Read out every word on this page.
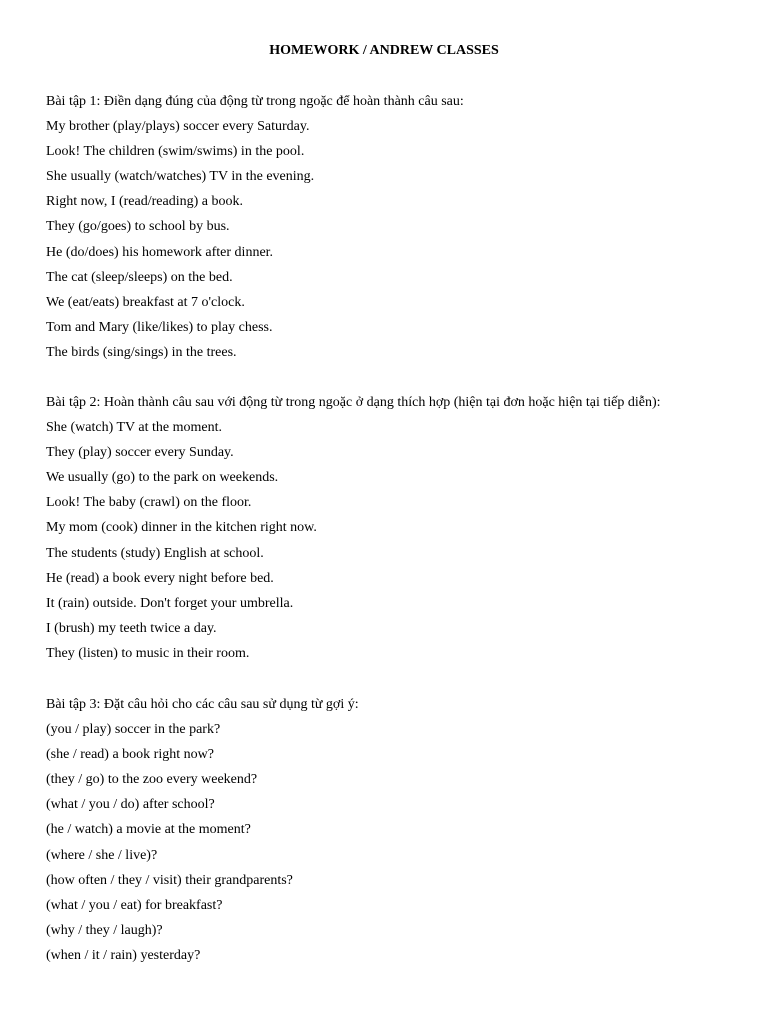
HOMEWORK / ANDREW CLASSES
Bài tập 1: Điền dạng đúng của động từ trong ngoặc để hoàn thành câu sau:
My brother (play/plays) soccer every Saturday.
Look! The children (swim/swims) in the pool.
She usually (watch/watches) TV in the evening.
Right now, I (read/reading) a book.
They (go/goes) to school by bus.
He (do/does) his homework after dinner.
The cat (sleep/sleeps) on the bed.
We (eat/eats) breakfast at 7 o'clock.
Tom and Mary (like/likes) to play chess.
The birds (sing/sings) in the trees.
Bài tập 2: Hoàn thành câu sau với động từ trong ngoặc ở dạng thích hợp (hiện tại đơn hoặc hiện tại tiếp diễn):
She (watch) TV at the moment.
They (play) soccer every Sunday.
We usually (go) to the park on weekends.
Look! The baby (crawl) on the floor.
My mom (cook) dinner in the kitchen right now.
The students (study) English at school.
He (read) a book every night before bed.
It (rain) outside. Don't forget your umbrella.
I (brush) my teeth twice a day.
They (listen) to music in their room.
Bài tập 3: Đặt câu hỏi cho các câu sau sử dụng từ gợi ý:
(you / play) soccer in the park?
(she / read) a book right now?
(they / go) to the zoo every weekend?
(what / you / do) after school?
(he / watch) a movie at the moment?
(where / she / live)?
(how often / they / visit) their grandparents?
(what / you / eat) for breakfast?
(why / they / laugh)?
(when / it / rain) yesterday?
